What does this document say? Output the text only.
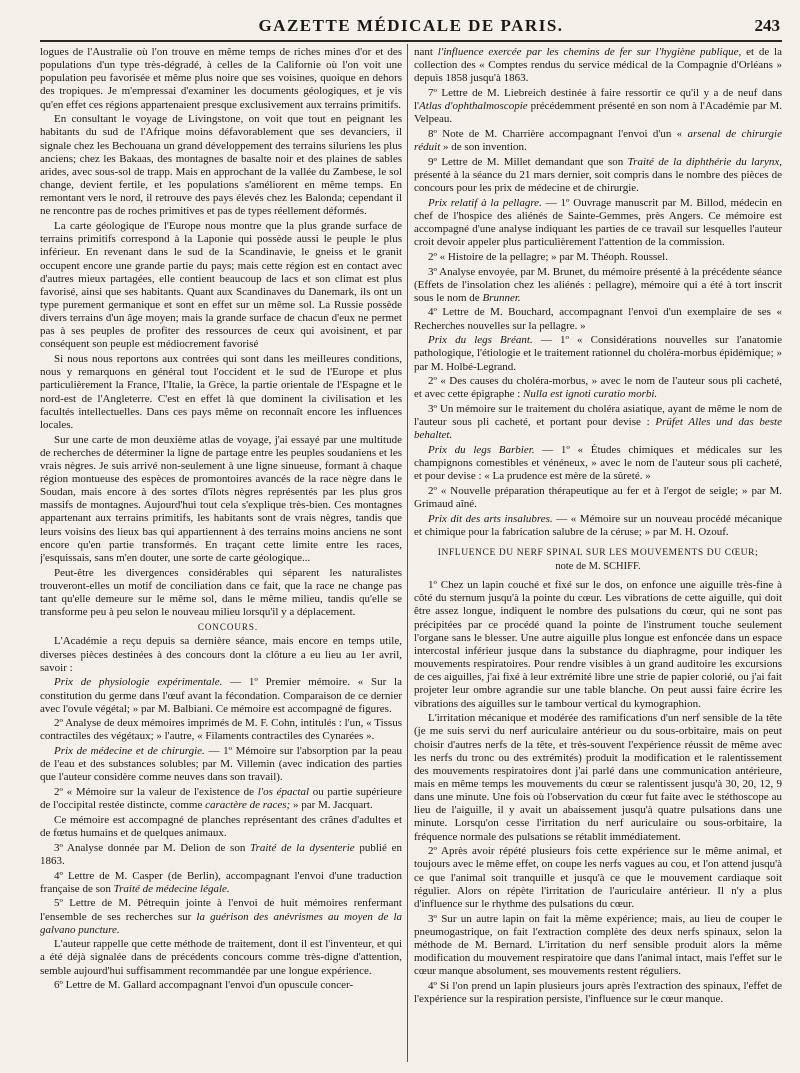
GAZETTE MÉDICALE DE PARIS.	243

logues de l'Australie où l'on trouve en même temps de riches mines d'or et des populations d'un type très-dégradé, à celles de la Californie où l'on voit une population peu favorisée et même plus noire que ses voisines, quoique en dehors des tropiques. Je m'empressai d'examiner les documents géologiques, et je vis qu'en effet ces régions appartenaient presque exclusivement aux terrains primitifs.

En consultant le voyage de Livingstone, on voit que tout en peignant les habitants du sud de l'Afrique moins défavorablement que ses devanciers, il signale chez les Bechouana un grand développement des terrains siluriens les plus anciens; chez les Bakaas, des montagnes de basalte noir et des plaines de sables arides, avec sous-sol de trapp. Mais en approchant de la vallée du Zambese, le sol change, devient fertile, et les populations s'améliorent en même temps. En remontant vers le nord, il retrouve des pays élevés chez les Balonda; cependant il ne rencontre pas de roches primitives et pas de types réellement déformés.

La carte géologique de l'Europe nous montre que la plus grande surface de terrains primitifs correspond à la Laponie qui possède aussi le peuple le plus inférieur. En revenant dans le sud de la Scandinavie, le gneiss et le granit occupent encore une grande partie du pays; mais cette région est en contact avec d'autres mieux partagées, elle contient beaucoup de lacs et son climat est plus favorisé, ainsi que ses habitants. Quant aux Scandinaves du Danemark, ils ont un type purement germanique et sont en effet sur un même sol. La Russie possède divers terrains d'un âge moyen; mais la grande surface de chacun d'eux ne permet pas à ses peuples de profiter des ressources de ceux qui avoisinent, et par conséquent son peuple est médiocrement favorisé

Si nous nous reportons aux contrées qui sont dans les meilleures conditions, nous y remarquons en général tout l'occident et le sud de l'Europe et plus particulièrement la France, l'Italie, la Grèce, la partie orientale de l'Espagne et le nord-est de l'Angleterre. C'est en effet là que dominent la civilisation et les facultés intellectuelles. Dans ces pays même on reconnaît encore les influences locales.

Sur une carte de mon deuxième atlas de voyage, j'ai essayé par une multitude de recherches de déterminer la ligne de partage entre les peuples soudaniens et les vrais nègres. Je suis arrivé non-seulement à une ligne sinueuse, formant à chaque région montueuse des espèces de promontoires avancés de la race nègre dans le Soudan, mais encore à des sortes d'îlots nègres représentés par les plus gros massifs de montagnes. Aujourd'hui tout cela s'explique très-bien. Ces montagnes appartenant aux terrains primitifs, les habitants sont de vrais nègres, tandis que leurs voisins des lieux bas qui appartiennent à des terrains moins anciens ne sont encore qu'en partie transformés. En traçant cette limite entre les races, j'esquissais, sans m'en douter, une sorte de carte géologique...

Peut-être les divergences considérables qui séparent les naturalistes trouveront-elles un motif de conciliation dans ce fait, que la race ne change pas tant qu'elle demeure sur le même sol, dans le même milieu, tandis qu'elle se transforme peu à peu selon le nouveau milieu lorsqu'il y a déplacement.

CONCOURS.

L'Académie a reçu depuis sa dernière séance, mais encore en temps utile, diverses pièces destinées à des concours dont la clôture a eu lieu au 1er avril, savoir :

Prix de physiologie expérimentale. — 1º Premier mémoire. « Sur la constitution du germe dans l'œuf avant la fécondation. Comparaison de ce dernier avec l'ovule végétal; » par M. Balbiani. Ce mémoire est accompagné de figures.

2º Analyse de deux mémoires imprimés de M. F. Cohn, intitulés : l'un, « Tissus contractiles des végétaux; » l'autre, « Filaments contractiles des Cynarées ».

Prix de médecine et de chirurgie. — 1º Mémoire sur l'absorption par la peau de l'eau et des substances solubles; par M. Villemin (avec indication des parties que l'auteur considère comme neuves dans son travail).

2º « Mémoire sur la valeur de l'existence de l'os épactal ou partie supérieure de l'occipital restée distincte, comme caractère de races; » par M. Jacquart.

Ce mémoire est accompagné de planches représentant des crânes d'adultes et de fœtus humains et de quelques animaux.

3º Analyse donnée par M. Delion de son Traité de la dysenterie publié en 1863.

4º Lettre de M. Casper (de Berlin), accompagnant l'envoi d'une traduction française de son Traité de médecine légale.

5º Lettre de M. Pétrequin jointe à l'envoi de huit mémoires renfermant l'ensemble de ses recherches sur la guérison des anévrismes au moyen de la galvano puncture.

L'auteur rappelle que cette méthode de traitement, dont il est l'inventeur, et qui a été déjà signalée dans de précédents concours comme très-digne d'attention, semble aujourd'hui suffisamment recommandée par une longue expérience.

6º Lettre de M. Gallard accompagnant l'envoi d'un opuscule concer-

nant l'influence exercée par les chemins de fer sur l'hygiène publique, et de la collection des « Comptes rendus du service médical de la Compagnie d'Orléans » depuis 1858 jusqu'à 1863.

7º Lettre de M. Liebreich destinée à faire ressortir ce qu'il y a de neuf dans l'Atlas d'ophthalmoscopie précédemment présenté en son nom à l'Académie par M. Velpeau.

8º Note de M. Charrière accompagnant l'envoi d'un « arsenal de chirurgie réduit » de son invention.

9º Lettre de M. Millet demandant que son Traité de la diphthérie du larynx, présenté à la séance du 21 mars dernier, soit compris dans le nombre des pièces de concours pour les prix de médecine et de chirurgie.

Prix relatif à la pellagre. — 1º Ouvrage manuscrit par M. Billod, médecin en chef de l'hospice des aliénés de Sainte-Gemmes, près Angers. Ce mémoire est accompagné d'une analyse indiquant les parties de ce travail sur lesquelles l'auteur croit devoir appeler plus particulièrement l'attention de la commission.

2º « Histoire de la pellagre; » par M. Théoph. Roussel.

3º Analyse envoyée, par M. Brunet, du mémoire présenté à la précédente séance (Effets de l'insolation chez les aliénés : pellagre), mémoire qui a été à tort inscrit sous le nom de Brunner.

4º Lettre de M. Bouchard, accompagnant l'envoi d'un exemplaire de ses « Recherches nouvelles sur la pellagre. »

Prix du legs Bréant. — 1º « Considérations nouvelles sur l'anatomie pathologique, l'étiologie et le traitement rationnel du choléra-morbus épidémique; » par M. Holbé-Legrand.

2º « Des causes du choléra-morbus, » avec le nom de l'auteur sous pli cacheté, et avec cette épigraphe : Nulla est ignoti curatio morbi.

3º Un mémoire sur le traitement du choléra asiatique, ayant de même le nom de l'auteur sous pli cacheté, et portant pour devise : Prüfet Alles und das beste behaltet.

Prix du legs Barbier. — 1º « Études chimiques et médicales sur les champignons comestibles et vénéneux, » avec le nom de l'auteur sous pli cacheté, et pour devise : « La prudence est mère de la sûreté. »

2º « Nouvelle préparation thérapeutique au fer et à l'ergot de seigle; » par M. Grimaud aîné.

Prix dit des arts insalubres. — « Mémoire sur un nouveau procédé mécanique et chimique pour la fabrication salubre de la céruse; » par M. H. Ozouf.

INFLUENCE DU NERF SPINAL SUR LES MOUVEMENTS DU CŒUR;
note de M. SCHIFF.

1º Chez un lapin couché et fixé sur le dos, on enfonce une aiguille très-fine à côté du sternum jusqu'à la pointe du cœur. Les vibrations de cette aiguille, qui doit être assez longue, indiquent le nombre des pulsations du cœur, qui ne sont pas précipitées par ce procédé quand la pointe de l'instrument touche seulement l'organe sans le blesser. Une autre aiguille plus longue est enfoncée dans un espace intercostal inférieur jusque dans la substance du diaphragme, pour indiquer les mouvements respiratoires. Pour rendre visibles à un grand auditoire les excursions de ces aiguilles, j'ai fixé à leur extrémité libre une strie de papier colorié, ou j'ai fait projeter leur ombre agrandie sur une table blanche. On peut aussi faire écrire les vibrations des aiguilles sur le tambour vertical du kymographion.

L'irritation mécanique et modérée des ramifications d'un nerf sensible de la tête (je me suis servi du nerf auriculaire antérieur ou du sous-orbitaire, mais on peut choisir d'autres nerfs de la tête, et très-souvent l'expérience réussit de même avec les nerfs du tronc ou des extrémités) produit la modification et le ralentissement des mouvements respiratoires dont j'ai parlé dans une communication antérieure, mais en même temps les mouvements du cœur se ralentissent jusqu'à 30, 20, 12, 9 dans une minute. Une fois où l'observation du cœur fut faite avec le stéthoscope au lieu de l'aiguille, il y avait un abaissement jusqu'à quatre pulsations dans une minute. Lorsqu'on cesse l'irritation du nerf auriculaire ou sous-orbitaire, la fréquence normale des pulsations se rétablit immédiatement.

2º Après avoir répété plusieurs fois cette expérience sur le même animal, et toujours avec le même effet, on coupe les nerfs vagues au cou, et l'on attend jusqu'à ce que l'animal soit tranquille et jusqu'à ce que le mouvement cardiaque soit régulier. Alors on répète l'irritation de l'auriculaire antérieur. Il n'y a plus d'influence sur le rhythme des pulsations du cœur.

3º Sur un autre lapin on fait la même expérience; mais, au lieu de couper le pneumogastrique, on fait l'extraction complète des deux nerfs spinaux, selon la méthode de M. Bernard. L'irritation du nerf sensible produit alors la même modification du mouvement respiratoire que dans l'animal intact, mais l'effet sur le cœur manque absolument, ses mouvements restent réguliers.

4º Si l'on prend un lapin plusieurs jours après l'extraction des spinaux, l'effet de l'expérience sur la respiration persiste, l'influence sur le cœur manque.
